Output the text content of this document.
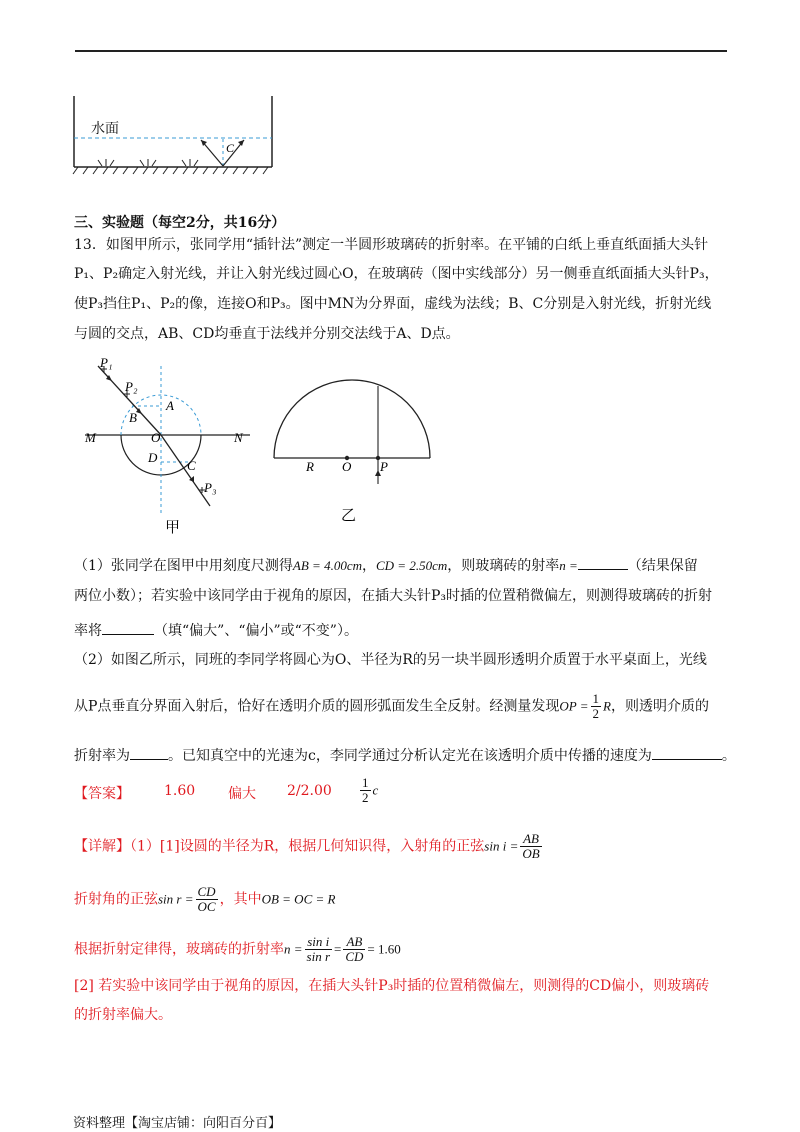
C
水面
三、实验题（每空2分，共16分）
13．如图甲所示，张同学用“插针法”测定一半圆形玻璃砖的折射率。在平铺的白纸上垂直纸面插大头针
P₁、P₂确定入射光线，并让入射光线过圆心O，在玻璃砖（图中实线部分）另一侧垂直纸面插大头针P₃，
使P₃挡住P₁、P₂的像，连接O和P₃。图中MN为分界面，虚线为法线；B、C分别是入射光线，折射光线
与圆的交点，AB、CD均垂直于法线并分别交法线于A、D点。
P₁
P₂
P₃
A
B
O
D
C
M	N
甲
R O P
乙
（1）张同学在图甲中用刻度尺测得AB = 4.00cm，CD = 2.50cm，则玻璃砖的射率n =	（结果保留
两位小数）；若实验中该同学由于视角的原因，在插大头针P₃时插的位置稍微偏左，则测得玻璃砖的折射
率将	（填“偏大”、“偏小”或“不变”）。
（2）如图乙所示，同班的李同学将圆心为O、半径为R的另一块半圆形透明介质置于水平桌面上，光线
从P点垂直分界面入射后，恰好在透明介质的圆形弧面发生全反射。经测量发现OP = $\frac{1}{2}$ R，则透明介质的
折射率为	。已知真空中的光速为c，李同学通过分析认定光在该透明介质中传播的速度为	。
【答案】 1.60 偏大 $2/2.00 \frac{1}{2}$ c
【详解】（1）[1]设圆的半径为R，根据几何知识得，入射角的正弦$\sin i = \frac{AB}{OB}$
折射角的正弦$\sin r = \frac{CD}{OC}$ ，其中OB = OC = R
根据折射定律得，玻璃砖的折射率$n = \frac{\text{sin i}}{\text{sin r}} = \frac{AB}{CD} = 1.60$
[2] 若实验中该同学由于视角的原因，在插大头针P₃时插的位置稍微偏左，则测得的CD偏小，则玻璃砖
的折射率偏大。
资料整理【淘宝店铺：向阳百分百】
